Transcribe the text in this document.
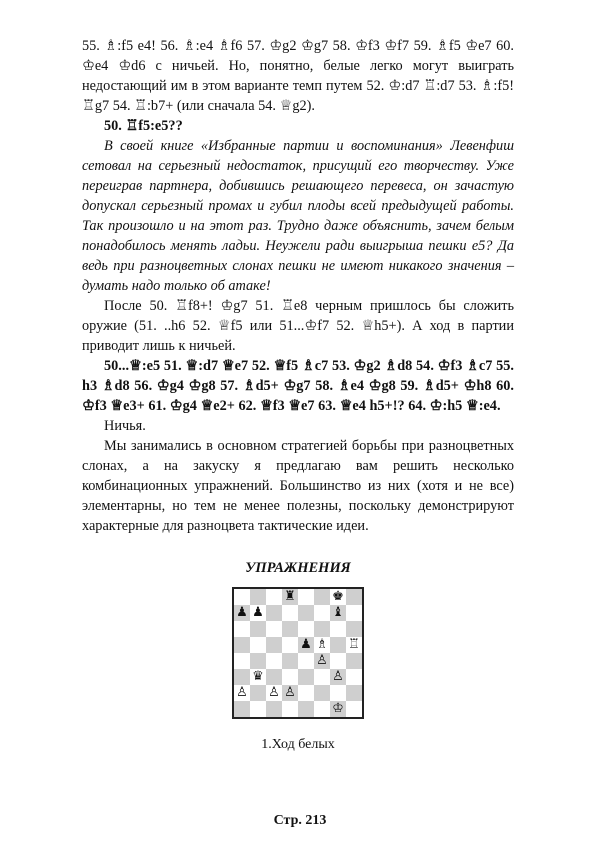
55. ♗:f5 e4! 56. ♗:e4 ♗f6 57. ♔g2 ♔g7 58. ♔f3 ♔f7 59. ♗f5 ♔e7 60. ♔e4 ♔d6 с ничьей. Но, понятно, белые легко могут выиграть недостающий им в этом варианте темп путем 52. ♔:d7 ♖:d7 53. ♗:f5! ♖g7 54. ♖:b7+ (или сначала 54. ♕g2).

50. ♖f5:e5??

В своей книге «Избранные партии и воспоминания» Левенфиш сетовал на серьезный недостаток, присущий его творчеству. Уже переиграв партнера, добившись решающего перевеса, он зачастую допускал серьезный промах и губил плоды всей предыдущей работы. Так произошло и на этот раз. Трудно даже объяснить, зачем белым понадобилось менять ладьи. Неужели ради выигрыша пешки e5? Да ведь при разноцветных слонах пешки не имеют никакого значения – думать надо только об атаке!

После 50. ♖f8+! ♔g7 51. ♖e8 черным пришлось бы сложить оружие (51. ..h6 52. ♕f5 или 51...♔f7 52. ♕h5+). А ход в партии приводит лишь к ничьей.

50...♕:e5 51. ♕:d7 ♕e7 52. ♕f5 ♗c7 53. ♔g2 ♗d8 54. ♔f3 ♗c7 55. h3 ♗d8 56. ♔g4 ♔g8 57. ♗d5+ ♔g7 58. ♗e4 ♔g8 59. ♗d5+ ♔h8 60. ♔f3 ♕e3+ 61. ♔g4 ♕e2+ 62. ♕f3 ♕e7 63. ♕e4 h5+!? 64. ♔:h5 ♕:e4.

Ничья.

Мы занимались в основном стратегией борьбы при разноцветных слонах, а на закуску я предлагаю вам решить несколько комбинационных упражнений. Большинство из них (хотя и не все) элементарны, но тем не менее полезны, поскольку демонстрируют характерные для разноцвета тактические идеи.

УПРАЖНЕНИЯ
♜	♚
♟ ♟	♝
♟ ♗ ♖
♙
♛	♙
♙ ♙ ♙
♔
1.Ход белых
Стр. 213
